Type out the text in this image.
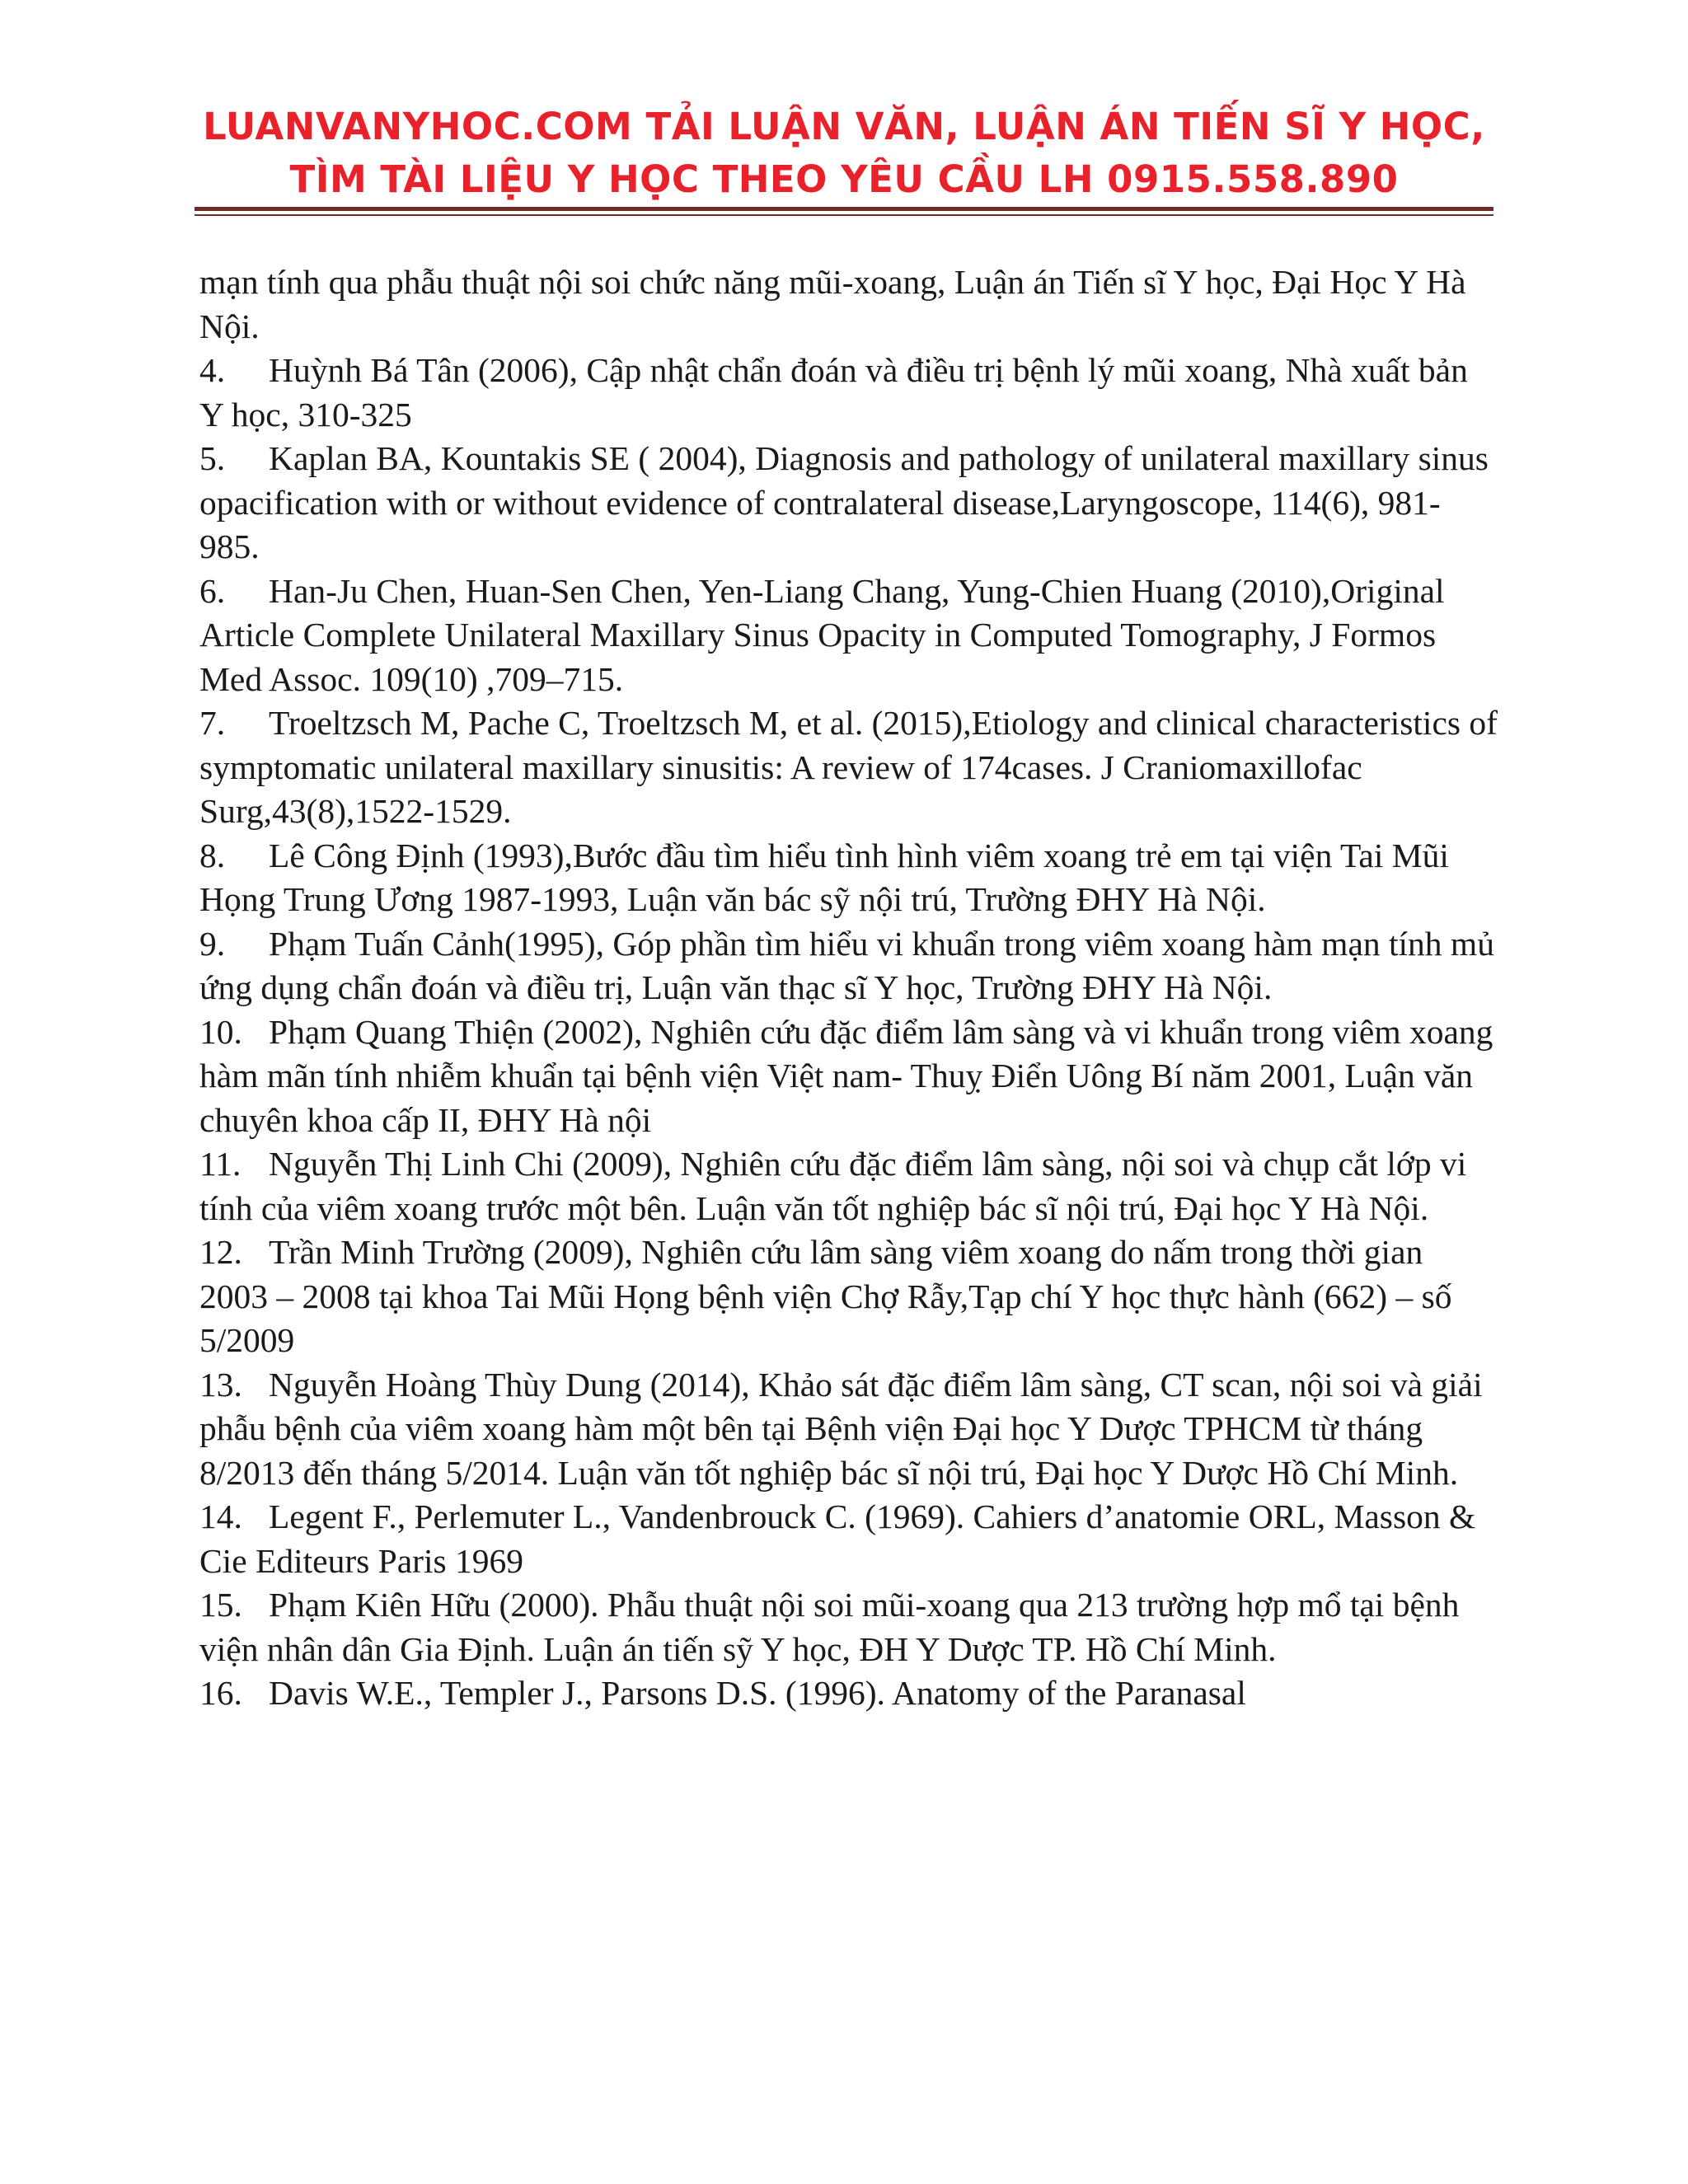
LUANVANYHOC.COM TẢI LUẬN VĂN, LUẬN ÁN TIẾN SĨ Y HỌC,
TÌM TÀI LIỆU Y HỌC THEO YÊU CẦU LH 0915.558.890

mạn tính qua phẫu thuật nội soi chức năng mũi-xoang, Luận án Tiến sĩ Y học, Đại Học Y Hà Nội.

4. Huỳnh Bá Tân (2006), Cập nhật chẩn đoán và điều trị bệnh lý mũi xoang, Nhà xuất bản Y học, 310-325

5. Kaplan BA, Kountakis SE ( 2004), Diagnosis and pathology of unilateral maxillary sinus opacification with or without evidence of contralateral disease,Laryngoscope, 114(6), 981-985.

6. Han-Ju Chen, Huan-Sen Chen, Yen-Liang Chang, Yung-Chien Huang (2010),Original Article Complete Unilateral Maxillary Sinus Opacity in Computed Tomography, J Formos Med Assoc. 109(10) ,709–715.

7. Troeltzsch M, Pache C, Troeltzsch M, et al. (2015),Etiology and clinical characteristics of symptomatic unilateral maxillary sinusitis: A review of 174cases. J Craniomaxillofac Surg,43(8),1522-1529.

8. Lê Công Định (1993),Bước đầu tìm hiểu tình hình viêm xoang trẻ em tại viện Tai Mũi Họng Trung Ương 1987-1993, Luận văn bác sỹ nội trú, Trường ĐHY Hà Nội.

9. Phạm Tuấn Cảnh(1995), Góp phần tìm hiểu vi khuẩn trong viêm xoang hàm mạn tính mủ ứng dụng chẩn đoán và điều trị, Luận văn thạc sĩ Y học, Trường ĐHY Hà Nội.

10. Phạm Quang Thiện (2002), Nghiên cứu đặc điểm lâm sàng và vi khuẩn trong viêm xoang hàm mãn tính nhiễm khuẩn tại bệnh viện Việt nam- Thuỵ Điển Uông Bí năm 2001, Luận văn chuyên khoa cấp II, ĐHY Hà nội

11. Nguyễn Thị Linh Chi (2009), Nghiên cứu đặc điểm lâm sàng, nội soi và chụp cắt lớp vi tính của viêm xoang trước một bên. Luận văn tốt nghiệp bác sĩ nội trú, Đại học Y Hà Nội.

12. Trần Minh Trường (2009), Nghiên cứu lâm sàng viêm xoang do nấm trong thời gian 2003 – 2008 tại khoa Tai Mũi Họng bệnh viện Chợ Rẫy,Tạp chí Y học thực hành (662) – số 5/2009

13. Nguyễn Hoàng Thùy Dung (2014), Khảo sát đặc điểm lâm sàng, CT scan, nội soi và giải phẫu bệnh của viêm xoang hàm một bên tại Bệnh viện Đại học Y Dược TPHCM từ tháng 8/2013 đến tháng 5/2014. Luận văn tốt nghiệp bác sĩ nội trú, Đại học Y Dược Hồ Chí Minh.

14. Legent F., Perlemuter L., Vandenbrouck C. (1969). Cahiers d’anatomie ORL, Masson & Cie Editeurs Paris 1969

15. Phạm Kiên Hữu (2000). Phẫu thuật nội soi mũi-xoang qua 213 trường hợp mổ tại bệnh viện nhân dân Gia Định. Luận án tiến sỹ Y học, ĐH Y Dược TP. Hồ Chí Minh.

16. Davis W.E., Templer J., Parsons D.S. (1996). Anatomy of the Paranasal
